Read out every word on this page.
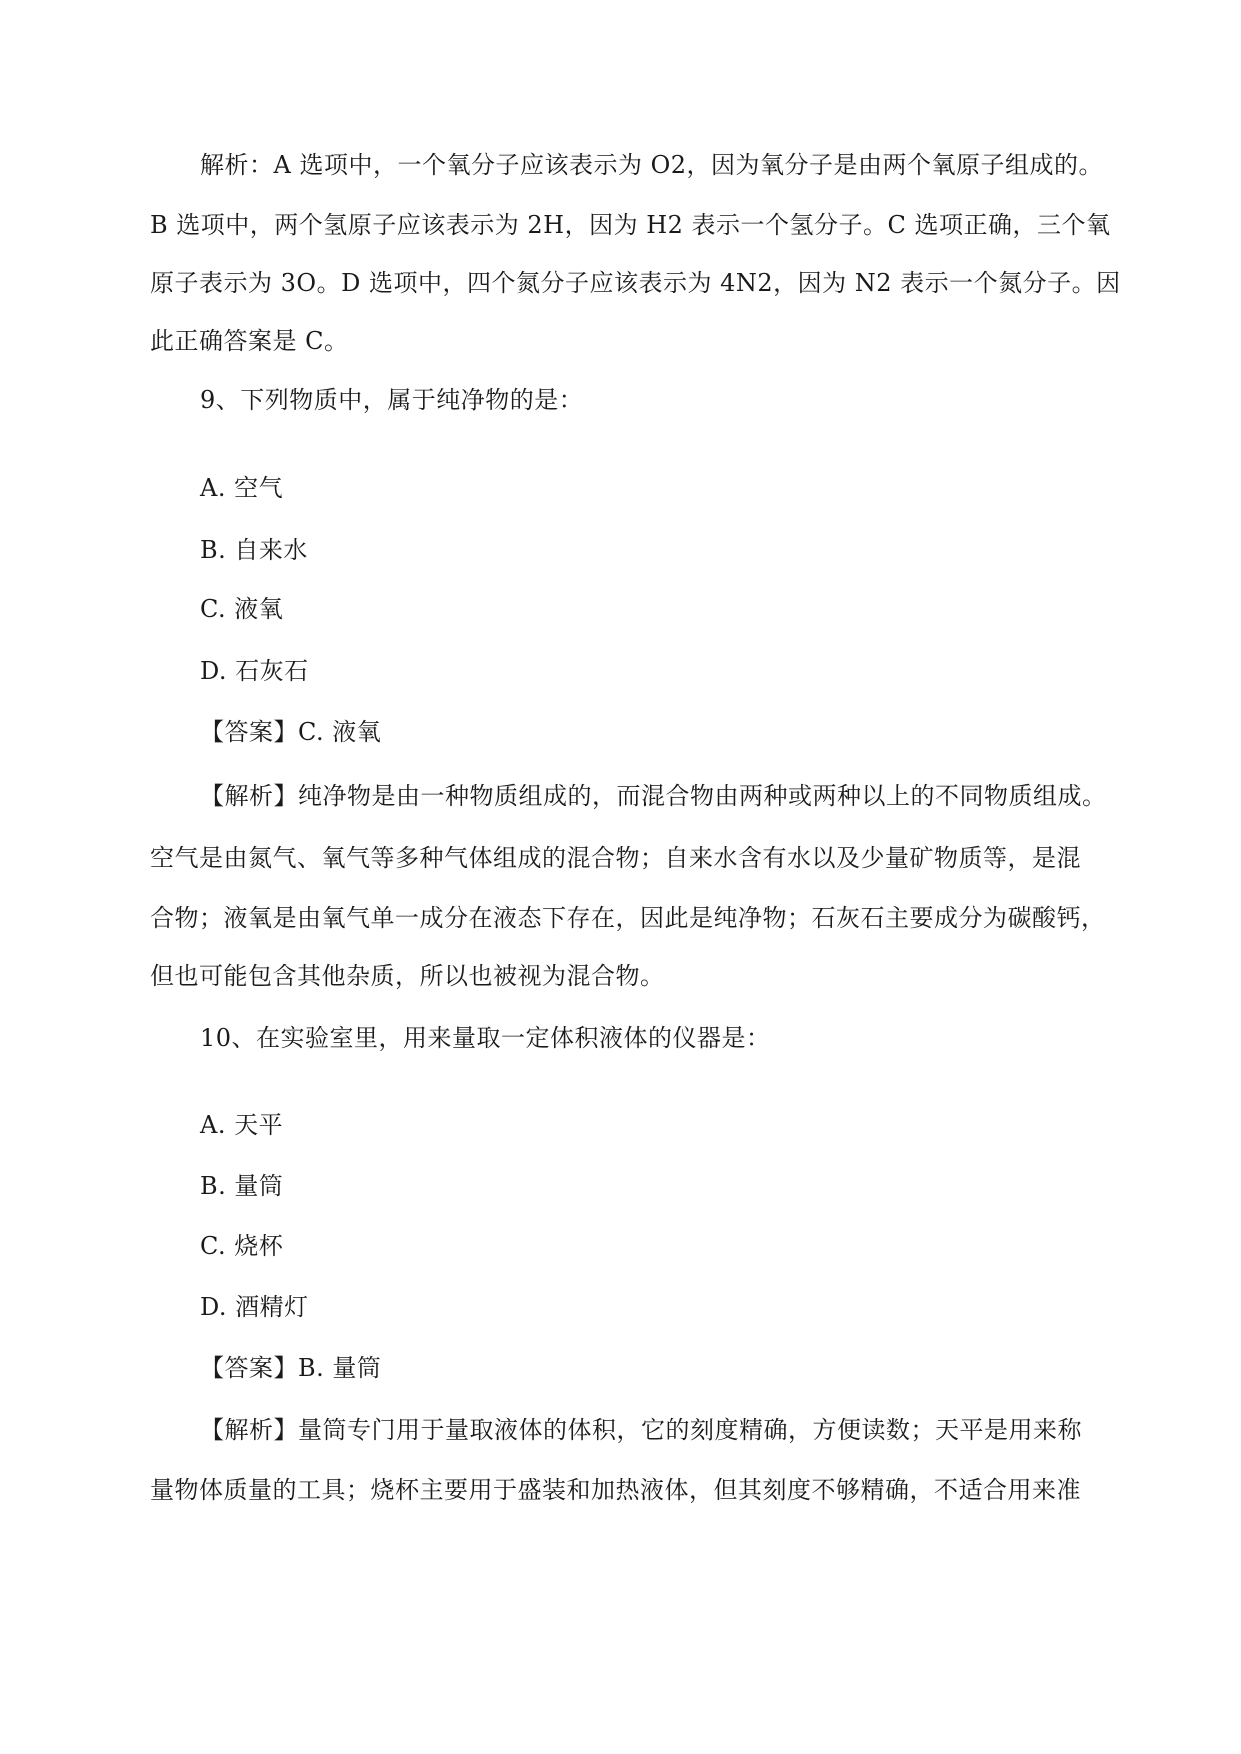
解析：A 选项中，一个氧分子应该表示为 O2，因为氧分子是由两个氧原子组成的。
B 选项中，两个氢原子应该表示为 2H，因为 H2 表示一个氢分子。C 选项正确，三个氧
原子表示为 3O。D 选项中，四个氮分子应该表示为 4N2，因为 N2 表示一个氮分子。因
此正确答案是 C。
9、下列物质中，属于纯净物的是：
A. 空气
B. 自来水
C. 液氧
D. 石灰石
【答案】C. 液氧
【解析】纯净物是由一种物质组成的，而混合物由两种或两种以上的不同物质组成。
空气是由氮气、氧气等多种气体组成的混合物；自来水含有水以及少量矿物质等，是混
合物；液氧是由氧气单一成分在液态下存在，因此是纯净物；石灰石主要成分为碳酸钙，
但也可能包含其他杂质，所以也被视为混合物。
10、在实验室里，用来量取一定体积液体的仪器是：
A. 天平
B. 量筒
C. 烧杯
D. 酒精灯
【答案】B. 量筒
【解析】量筒专门用于量取液体的体积，它的刻度精确，方便读数；天平是用来称
量物体质量的工具；烧杯主要用于盛装和加热液体，但其刻度不够精确，不适合用来准
